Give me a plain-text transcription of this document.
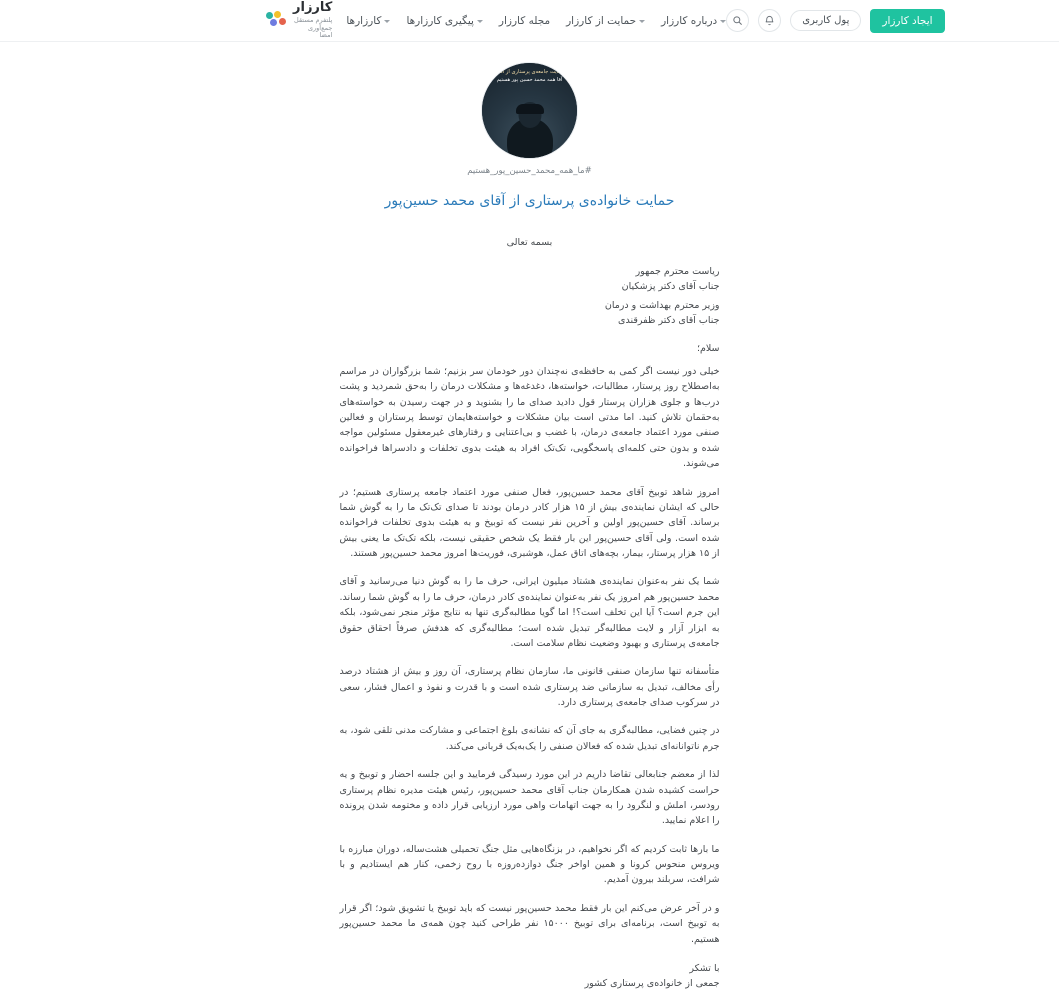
کارزار
پلتفرم مستقل جمع‌آوری امضا
کارزارها پیگیری کارزارها مجله کارزار حمایت از کارزار درباره کارزار	پول کاربری	ایجاد کارزار
حمایت جامعه‌ی پرستاری از آقای
آقا همه محمد حسین پور هستیم
#ما_همه_محمد_حسین_پور_هستیم
حمایت خانواده‌ی پرستاری از آقای محمد حسین‌پور
بسمه تعالی
ریاست محترم جمهور
جناب آقای دکتر پزشکیان
وزیر محترم بهداشت و درمان
جناب آقای دکتر ظفرقندی
سلام؛

خیلی دور نیست اگر کمی به حافظه‌ی نه‌چندان دور خودمان سر بزنیم؛ شما بزرگواران در مراسم به‌اصطلاح روز پرستار، مطالبات، خواسته‌ها، دغدغه‌ها و مشکلات درمان را به‌حق شمردید و پشت درب‌ها و جلوی هزاران پرستار قول دادید صدای ما را بشنوید و در جهت رسیدن به خواسته‌های به‌حقمان تلاش کنید. اما مدتی است بیان مشکلات و خواسته‌هایمان توسط پرستاران و فعالین صنفی مورد اعتماد جامعه‌ی درمان، با غضب و بی‌اعتنایی و رفتارهای غیرمعقول مسئولین مواجه شده و بدون حتی کلمه‌ای پاسخگویی، تک‌تک افراد به هیئت بدوی تخلفات و دادسراها فراخوانده می‌شوند.

امروز شاهد توبیخ آقای محمد حسین‌پور، فعال صنفی مورد اعتماد جامعه پرستاری هستیم؛ در حالی که ایشان نماینده‌ی بیش از ۱۵ هزار کادر درمان بودند تا صدای تک‌تک ما را به گوش شما برساند. آقای حسین‌پور اولین و آخرین نفر نیست که توبیخ و به هیئت بدوی تخلفات فراخوانده شده است. ولی آقای حسین‌پور این بار فقط یک شخص حقیقی نیست، بلکه تک‌تک ما یعنی بیش از ۱۵ هزار پرستار، بیمار، بچه‌های اتاق عمل، هوشبری، فوریت‌ها امروز محمد حسین‌پور هستند.

شما یک نفر به‌عنوان نماینده‌ی هشتاد میلیون ایرانی، حرف ما را به گوش دنیا می‌رسانید و آقای محمد حسین‌پور هم امروز یک نفر به‌عنوان نماینده‌ی کادر درمان، حرف ما را به گوش شما رساند. این جرم است؟ آیا این تخلف است؟! اما گویا مطالبه‌گری تنها به نتایج مؤثر منجر نمی‌شود، بلکه به ابزار آزار و لا‌یت مطالبه‌گر تبدیل شده است؛ مطالبه‌گری که هدفش صرفاً احقاق حقوق جامعه‌ی پرستاری و بهبود وضعیت نظام سلامت است.

متأسفانه تنها سازمان صنفی قانونی ما، سازمان نظام پرستاری، آن روز و بیش از هشتاد درصد رأی مخالف، تبدیل به سازمانی ضد پرستاری شده است و با قدرت و نفوذ و اعمال فشار، سعی در سرکوب صدای جامعه‌ی پرستاری دارد.

در چنین فضایی، مطالبه‌گری به جای آن که نشانه‌ی بلوغ اجتماعی و مشارکت مدنی تلقی شود، به جرم ناتوانانه‌ای تبدیل شده که فعالان صنفی را یک‌به‌یک قربانی می‌کند.

لذا از معضم جنابعالی تقاضا داریم در این مورد رسیدگی فرمایید و این جلسه احضار و توبیخ و یه حراست کشیده شدن همکارمان جناب آقای محمد حسین‌پور، رئیس هیئت مدیره نظام پرستاری رود‌سر، املش و لنگرود را به جهت اتهامات واهی مورد ارزیابی قرار داده و مختومه شدن پرونده را اعلام نمایید.

ما بارها ثابت کردیم که اگر نخواهیم، در بزنگاه‌هایی مثل جنگ تحمیلی هشت‌ساله، دوران مبارزه با ویروس منحوس کرونا و همین اواخر جنگ دوازده‌روزه با روح زخمی، کنار هم ایستادیم و با شرافت، سربلند بیرون آمدیم.

و در آخر عرض می‌کنم این بار فقط محمد حسین‌پور نیست که باید توبیخ یا تشویق شود؛ اگر قرار به توبیخ است، برنامه‌ای برای توبیخ ۱۵۰۰۰ نفر طراحی کنید چون همه‌ی ما محمد حسین‌پور هستیم.

با تشکر
جمعی از خانواده‌ی پرستاری کشور
